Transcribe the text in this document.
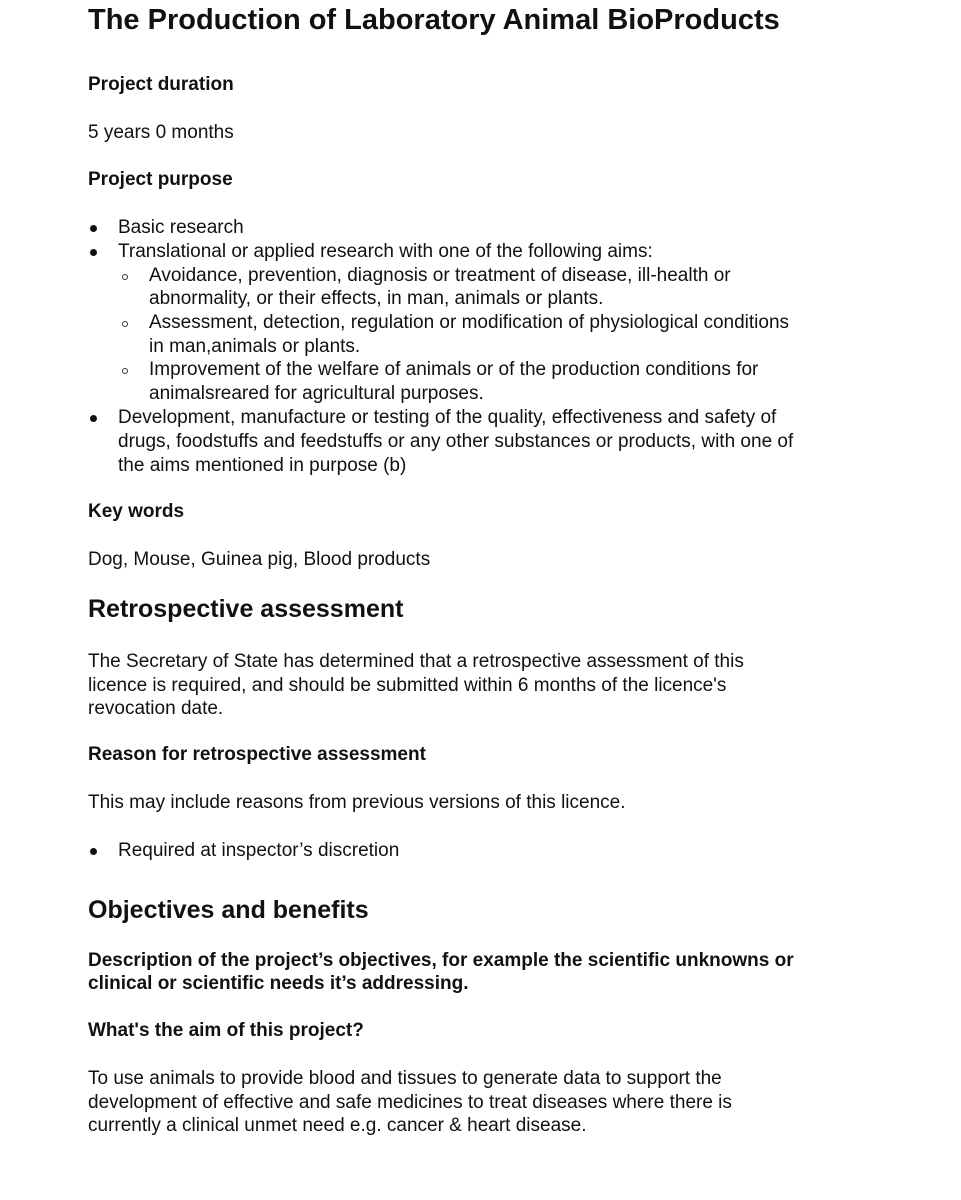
The Production of Laboratory Animal BioProducts
Project duration
5 years 0 months
Project purpose
Basic research
Translational or applied research with one of the following aims:
Avoidance, prevention, diagnosis or treatment of disease, ill-health or
abnormality, or their effects, in man, animals or plants.
Assessment, detection, regulation or modification of physiological conditions
in man,animals or plants.
Improvement of the welfare of animals or of the production conditions for
animalsreared for agricultural purposes.
Development, manufacture or testing of the quality, effectiveness and safety of
drugs, foodstuffs and feedstuffs or any other substances or products, with one of
the aims mentioned in purpose (b)
Key words
Dog, Mouse, Guinea pig, Blood products
Retrospective assessment
The Secretary of State has determined that a retrospective assessment of this
licence is required, and should be submitted within 6 months of the licence's
revocation date.
Reason for retrospective assessment
This may include reasons from previous versions of this licence.
Required at inspector’s discretion
Objectives and benefits
Description of the project’s objectives, for example the scientific unknowns or
clinical or scientific needs it’s addressing.
What's the aim of this project?
To use animals to provide blood and tissues to generate data to support the
development of effective and safe medicines to treat diseases where there is
currently a clinical unmet need e.g. cancer & heart disease.
